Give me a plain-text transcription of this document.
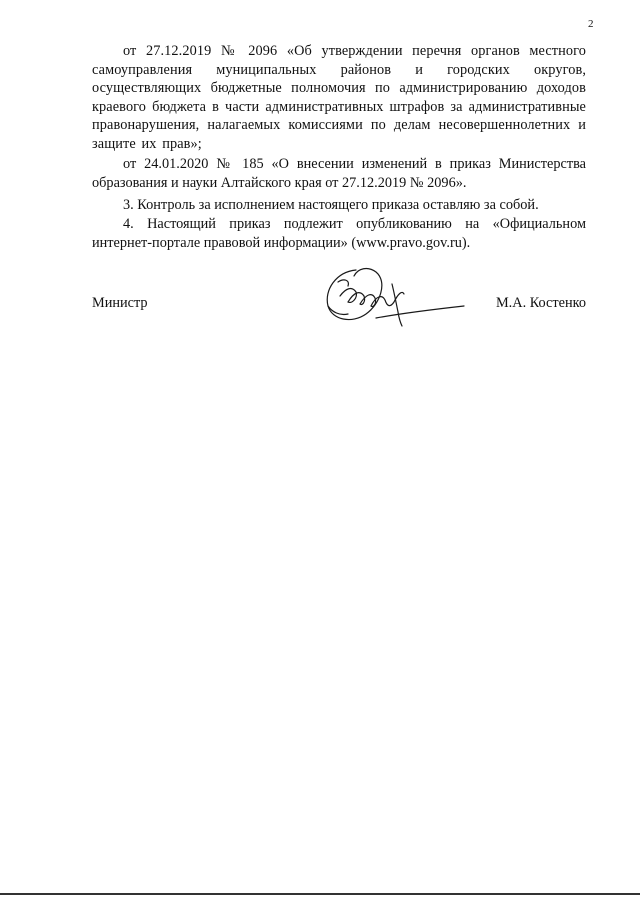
2
от 27.12.2019 № 2096 «Об утверждении перечня органов местного самоуправления муниципальных районов и городских округов, осуществляющих бюджетные полномочия по администрированию доходов краевого бюджета в части административных штрафов за административные правонарушения, налагаемых комиссиями по делам несовершеннолетних и защите их прав»;
от 24.01.2020 № 185 «О внесении изменений в приказ Министерства образования и науки Алтайского края от 27.12.2019 № 2096».
3. Контроль за исполнением настоящего приказа оставляю за собой.
4. Настоящий приказ подлежит опубликованию на «Официальном интернет-портале правовой информации» (www.pravo.gov.ru).
Министр	М.А. Костенко
